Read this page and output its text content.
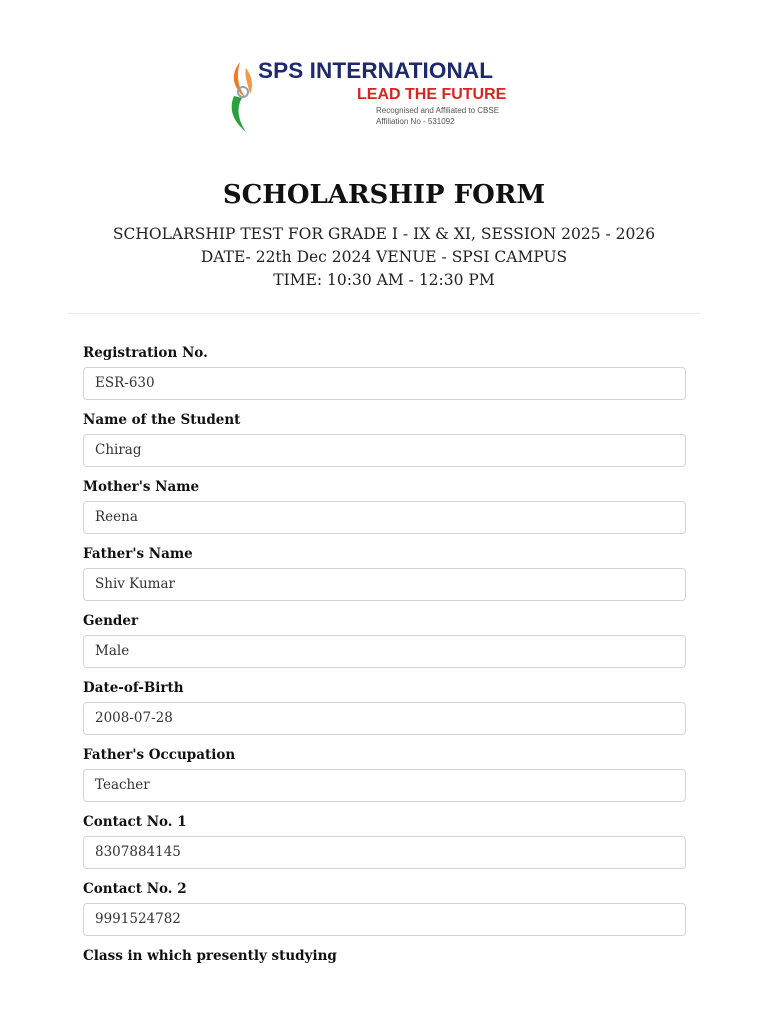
SPS INTERNATIONAL
LEAD THE FUTURE
Recognised and Affiliated to CBSE
Affiliation No - 531092
SCHOLARSHIP FORM
SCHOLARSHIP TEST FOR GRADE I - IX & XI, SESSION 2025 - 2026
DATE- 22th Dec 2024 VENUE - SPSI CAMPUS
TIME: 10:30 AM - 12:30 PM
Registration No.
ESR-630
Name of the Student
Chirag
Mother's Name
Reena
Father's Name
Shiv Kumar
Gender
Male
Date-of-Birth
2008-07-28
Father's Occupation
Teacher
Contact No. 1
8307884145
Contact No. 2
9991524782
Class in which presently studying
